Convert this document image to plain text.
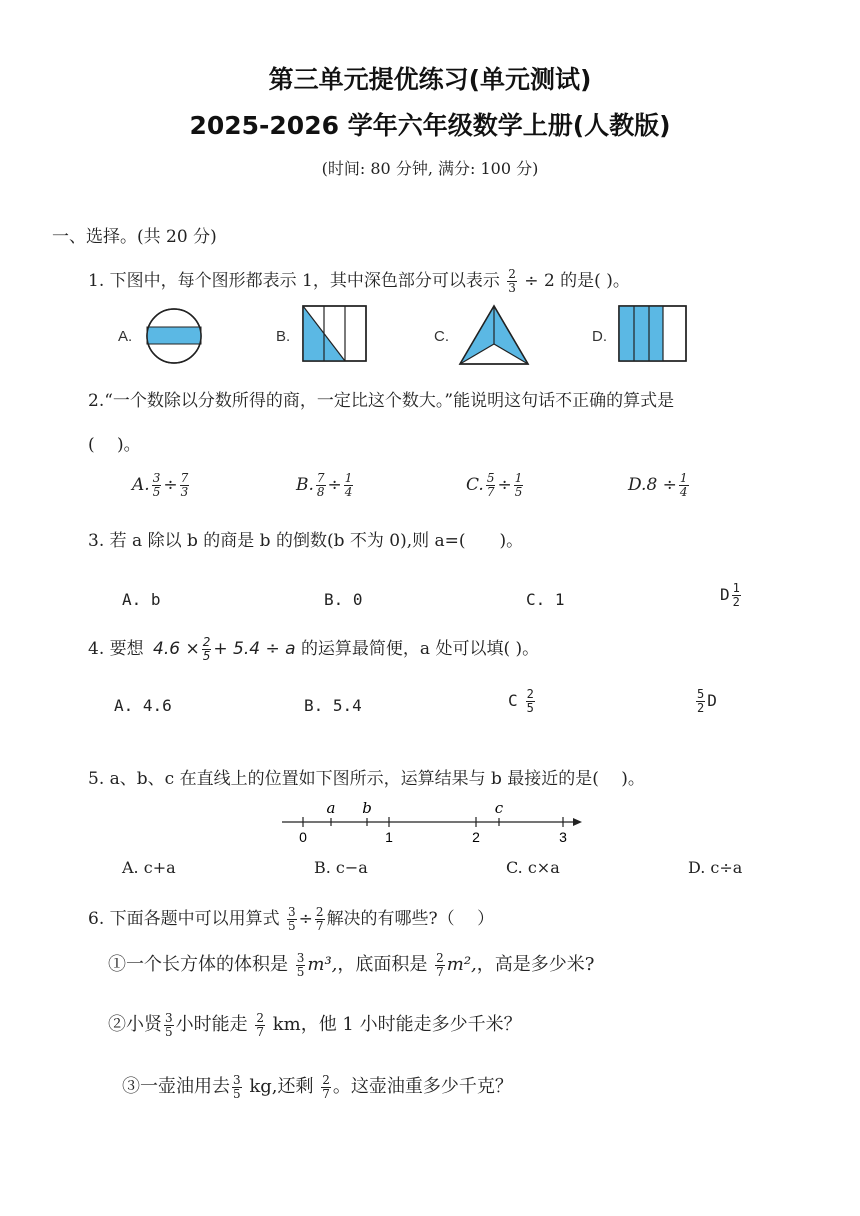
第三单元提优练习(单元测试)
2025-2026 学年六年级数学上册(人教版)
(时间: 80 分钟, 满分: 100 分)
一、选择。(共 20 分)
1. 下图中，每个图形都表示 1，其中深色部分可以表示 $\frac{2}{3} \div 2$ 的是( )。
A.	B.	C.	D.
2.“一个数除以分数所得的商，一定比这个数大。”能说明这句话不正确的算式是
(　 )。
A. $\frac{3}{5} \div \frac{7}{3}$	B. $\frac{7}{8} \div \frac{1}{4}$	C. $\frac{5}{7} \div \frac{1}{5}$	$D.8 \div \frac{1}{4}$
3. 若 a 除以 b 的商是 b 的倒数(b 不为 0),则 a=(　　)。
A. b	B. 0	C. 1	D $\frac{1}{2}$
4. 要想 $4.6 \times \frac{2}{5} + 5.4 \div a$ 的运算最简便，a 处可以填( )。
A. 4.6	B. 5.4	C $\frac{2}{5}$	$\frac{5}{2}$ D
5. a、b、c 在直线上的位置如下图所示，运算结果与 b 最接近的是(　 )。
a b	c
0	1	2	3
A. c+a	B. c−a	C. c×a	D. c÷a
6. 下面各题中可以用算式 $\frac{3}{5} \div \frac{2}{7}$ 解决的有哪些?（　 ）
①一个长方体的体积是 $\frac{3}{5} m^3$,，底面积是 $\frac{2}{7} m^2$,，高是多少米?
②小贤 $\frac{3}{5}$ 小时能走 $\frac{2}{7}$ km，他 1 小时能走多少千米？
③一壶油用去 $\frac{3}{5}$ kg,还剩 $\frac{2}{7}$ 。这壶油重多少千克？
